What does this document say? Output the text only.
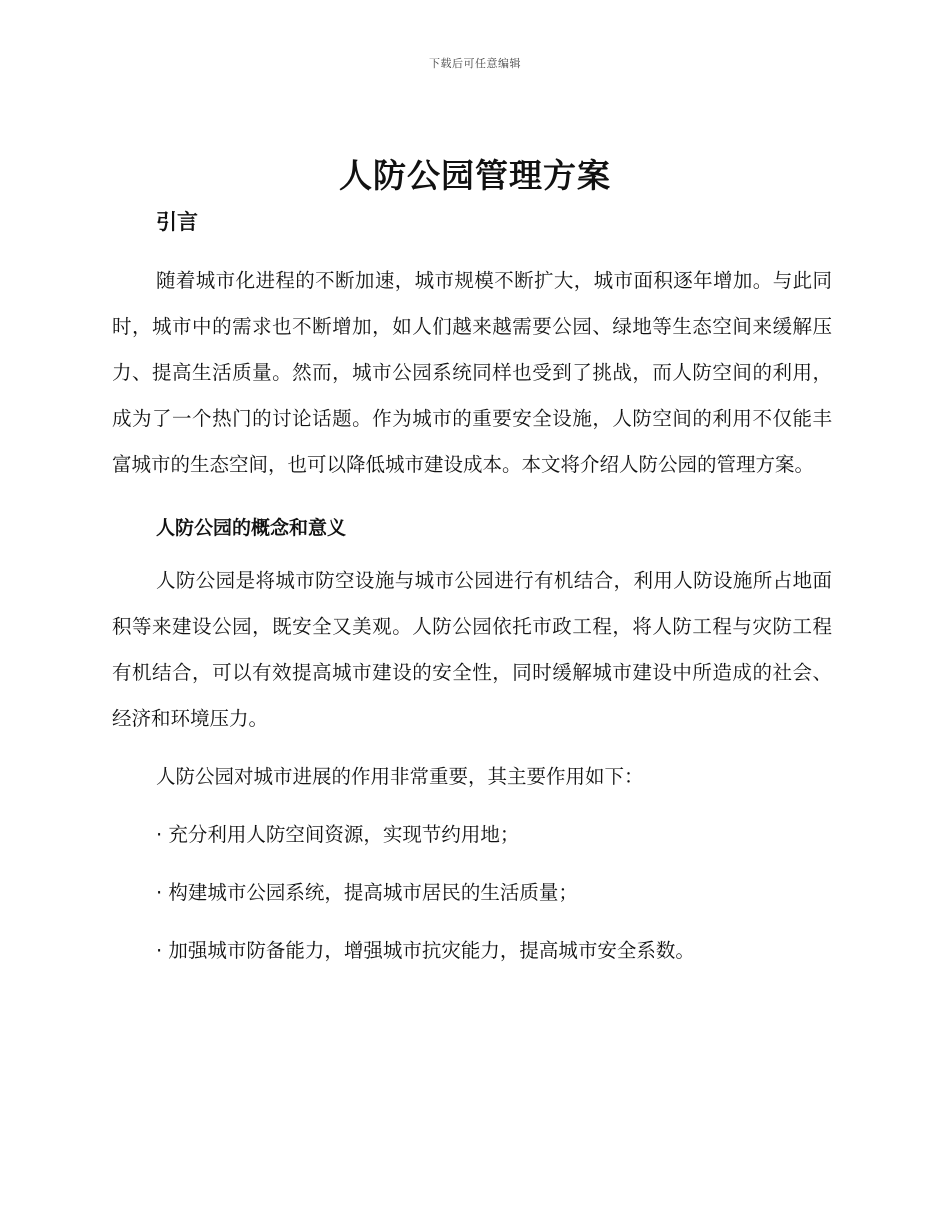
下载后可任意编辑
人防公园管理方案
引言

随着城市化进程的不断加速，城市规模不断扩大，城市面积逐年增加。与此同时，城市中的需求也不断增加，如人们越来越需要公园、绿地等生态空间来缓解压力、提高生活质量。然而，城市公园系统同样也受到了挑战，而人防空间的利用，成为了一个热门的讨论话题。作为城市的重要安全设施，人防空间的利用不仅能丰富城市的生态空间，也可以降低城市建设成本。本文将介绍人防公园的管理方案。

人防公园的概念和意义

人防公园是将城市防空设施与城市公园进行有机结合，利用人防设施所占地面积等来建设公园，既安全又美观。人防公园依托市政工程，将人防工程与灾防工程有机结合，可以有效提高城市建设的安全性，同时缓解城市建设中所造成的社会、经济和环境压力。

人防公园对城市进展的作用非常重要，其主要作用如下：

· 充分利用人防空间资源，实现节约用地；
· 构建城市公园系统，提高城市居民的生活质量；
· 加强城市防备能力，增强城市抗灾能力，提高城市安全系数。
